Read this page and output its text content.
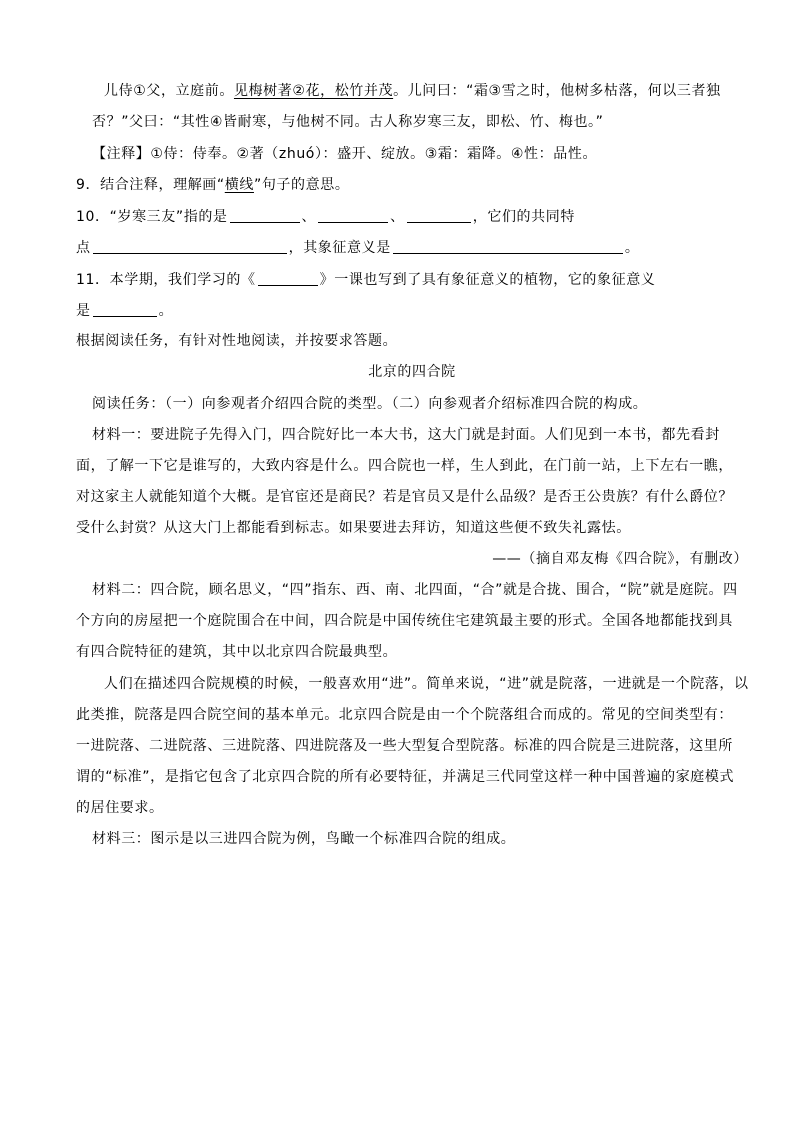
儿侍①父，立庭前。见梅树著②花，松竹并茂。儿问曰：“霜③雪之时，他树多枯落，何以三者独
否？”父曰：“其性④皆耐寒，与他树不同。古人称岁寒三友，即松、竹、梅也。”
【注释】①侍：侍奉。②著（zhuó）：盛开、绽放。③霜：霜降。④性：品性。
9．结合注释，理解画“横线”句子的意思。
10．“岁寒三友”指的是	、	、	，它们的共同特
点	，其象征意义是	。
11．本学期，我们学习的《	》一课也写到了具有象征意义的植物，它的象征意义
是	。
根据阅读任务，有针对性地阅读，并按要求答题。
北京的四合院
阅读任务：（一）向参观者介绍四合院的类型。（二）向参观者介绍标准四合院的构成。
材料一：要进院子先得入门，四合院好比一本大书，这大门就是封面。人们见到一本书，都先看封
面，了解一下它是谁写的，大致内容是什么。四合院也一样，生人到此，在门前一站，上下左右一瞧，
对这家主人就能知道个大概。是官宦还是商民？若是官员又是什么品级？是否王公贵族？有什么爵位？
受什么封赏？从这大门上都能看到标志。如果要进去拜访，知道这些便不致失礼露怯。
——（摘自邓友梅《四合院》，有删改）
材料二：四合院，顾名思义，“四”指东、西、南、北四面，“合”就是合拢、围合，“院”就是庭院。四
个方向的房屋把一个庭院围合在中间，四合院是中国传统住宅建筑最主要的形式。全国各地都能找到具
有四合院特征的建筑，其中以北京四合院最典型。
人们在描述四合院规模的时候，一般喜欢用“进”。简单来说，“进”就是院落，一进就是一个院落，以
此类推，院落是四合院空间的基本单元。北京四合院是由一个个院落组合而成的。常见的空间类型有：
一进院落、二进院落、三进院落、四进院落及一些大型复合型院落。标准的四合院是三进院落，这里所
谓的“标准”，是指它包含了北京四合院的所有必要特征，并满足三代同堂这样一种中国普遍的家庭模式
的居住要求。
材料三：图示是以三进四合院为例，鸟瞰一个标准四合院的组成。
